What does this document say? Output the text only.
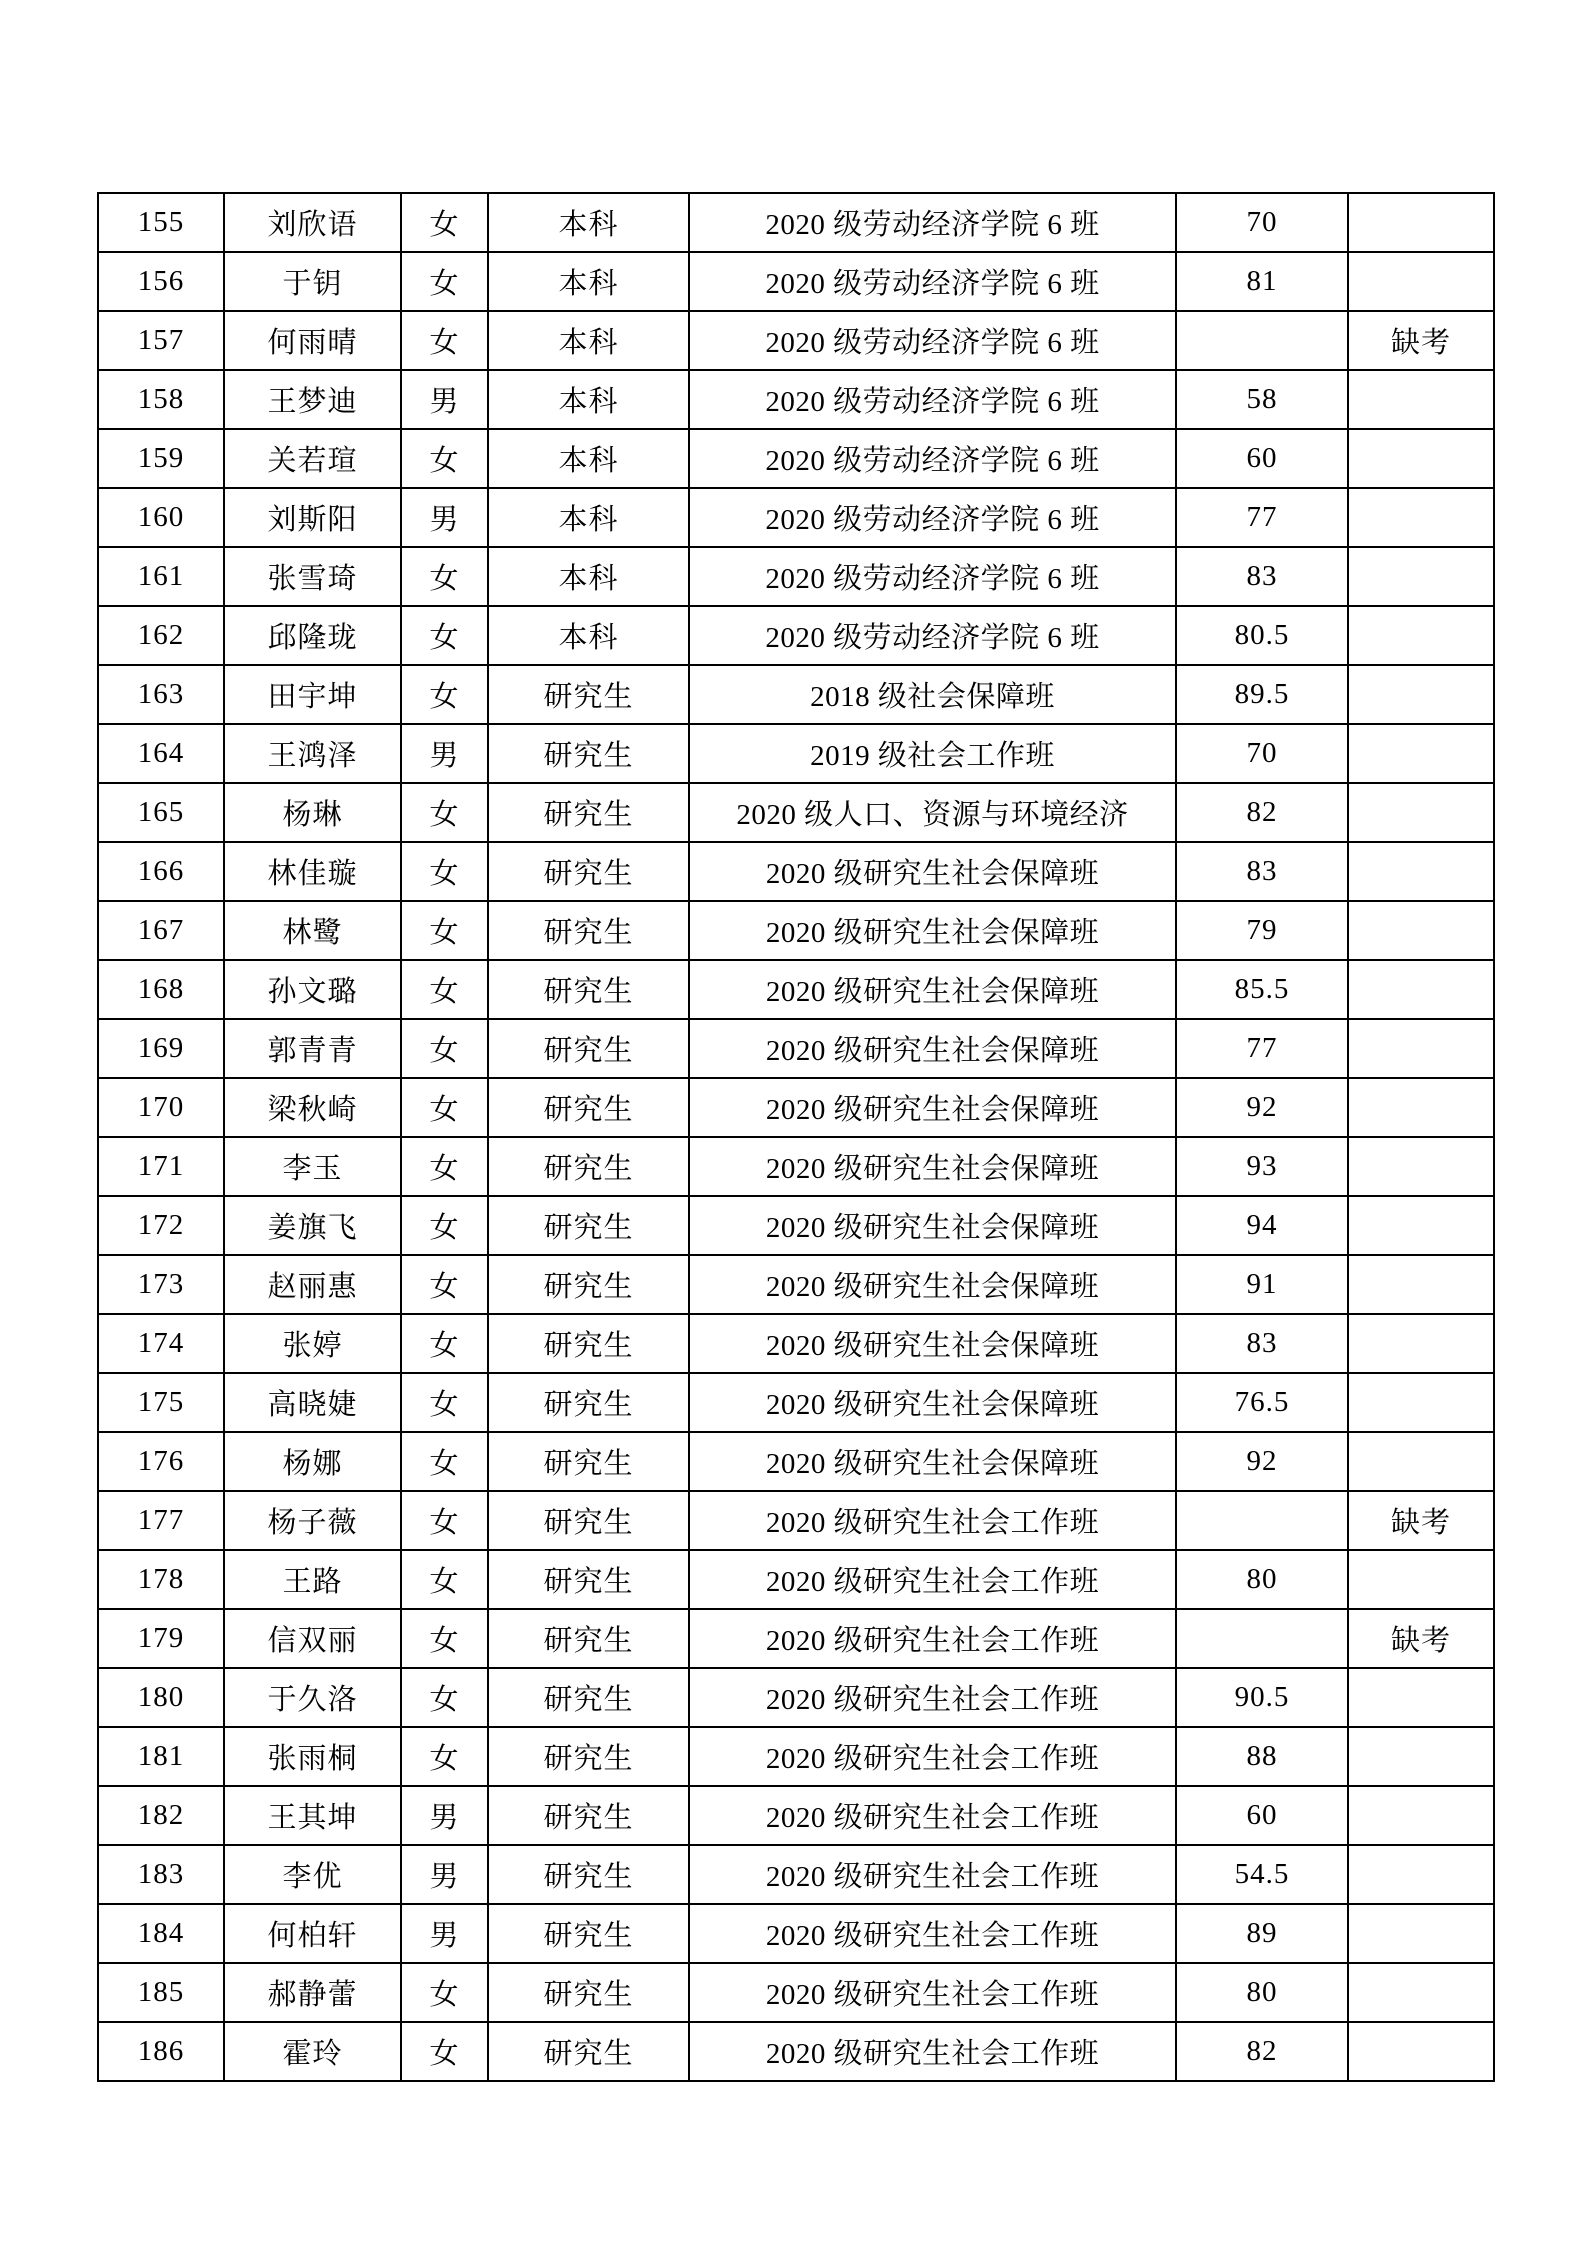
155	刘欣语	女	本科	2020 级劳动经济学院 6 班	70	
156	于钥	女	本科	2020 级劳动经济学院 6 班	81	
157	何雨晴	女	本科	2020 级劳动经济学院 6 班		缺考
158	王梦迪	男	本科	2020 级劳动经济学院 6 班	58	
159	关若瑄	女	本科	2020 级劳动经济学院 6 班	60	
160	刘斯阳	男	本科	2020 级劳动经济学院 6 班	77	
161	张雪琦	女	本科	2020 级劳动经济学院 6 班	83	
162	邱隆珑	女	本科	2020 级劳动经济学院 6 班	80.5	
163	田宇坤	女	研究生	2018 级社会保障班	89.5	
164	王鸿泽	男	研究生	2019 级社会工作班	70	
165	杨琳	女	研究生	2020 级人口、资源与环境经济	82	
166	林佳璇	女	研究生	2020 级研究生社会保障班	83	
167	林鹭	女	研究生	2020 级研究生社会保障班	79	
168	孙文璐	女	研究生	2020 级研究生社会保障班	85.5	
169	郭青青	女	研究生	2020 级研究生社会保障班	77	
170	梁秋崎	女	研究生	2020 级研究生社会保障班	92	
171	李玉	女	研究生	2020 级研究生社会保障班	93	
172	姜旗飞	女	研究生	2020 级研究生社会保障班	94	
173	赵丽惠	女	研究生	2020 级研究生社会保障班	91	
174	张婷	女	研究生	2020 级研究生社会保障班	83	
175	高晓婕	女	研究生	2020 级研究生社会保障班	76.5	
176	杨娜	女	研究生	2020 级研究生社会保障班	92	
177	杨子薇	女	研究生	2020 级研究生社会工作班		缺考
178	王路	女	研究生	2020 级研究生社会工作班	80	
179	信双丽	女	研究生	2020 级研究生社会工作班		缺考
180	于久洛	女	研究生	2020 级研究生社会工作班	90.5	
181	张雨桐	女	研究生	2020 级研究生社会工作班	88	
182	王其坤	男	研究生	2020 级研究生社会工作班	60	
183	李优	男	研究生	2020 级研究生社会工作班	54.5	
184	何柏轩	男	研究生	2020 级研究生社会工作班	89	
185	郝静蕾	女	研究生	2020 级研究生社会工作班	80	
186	霍玲	女	研究生	2020 级研究生社会工作班	82	
